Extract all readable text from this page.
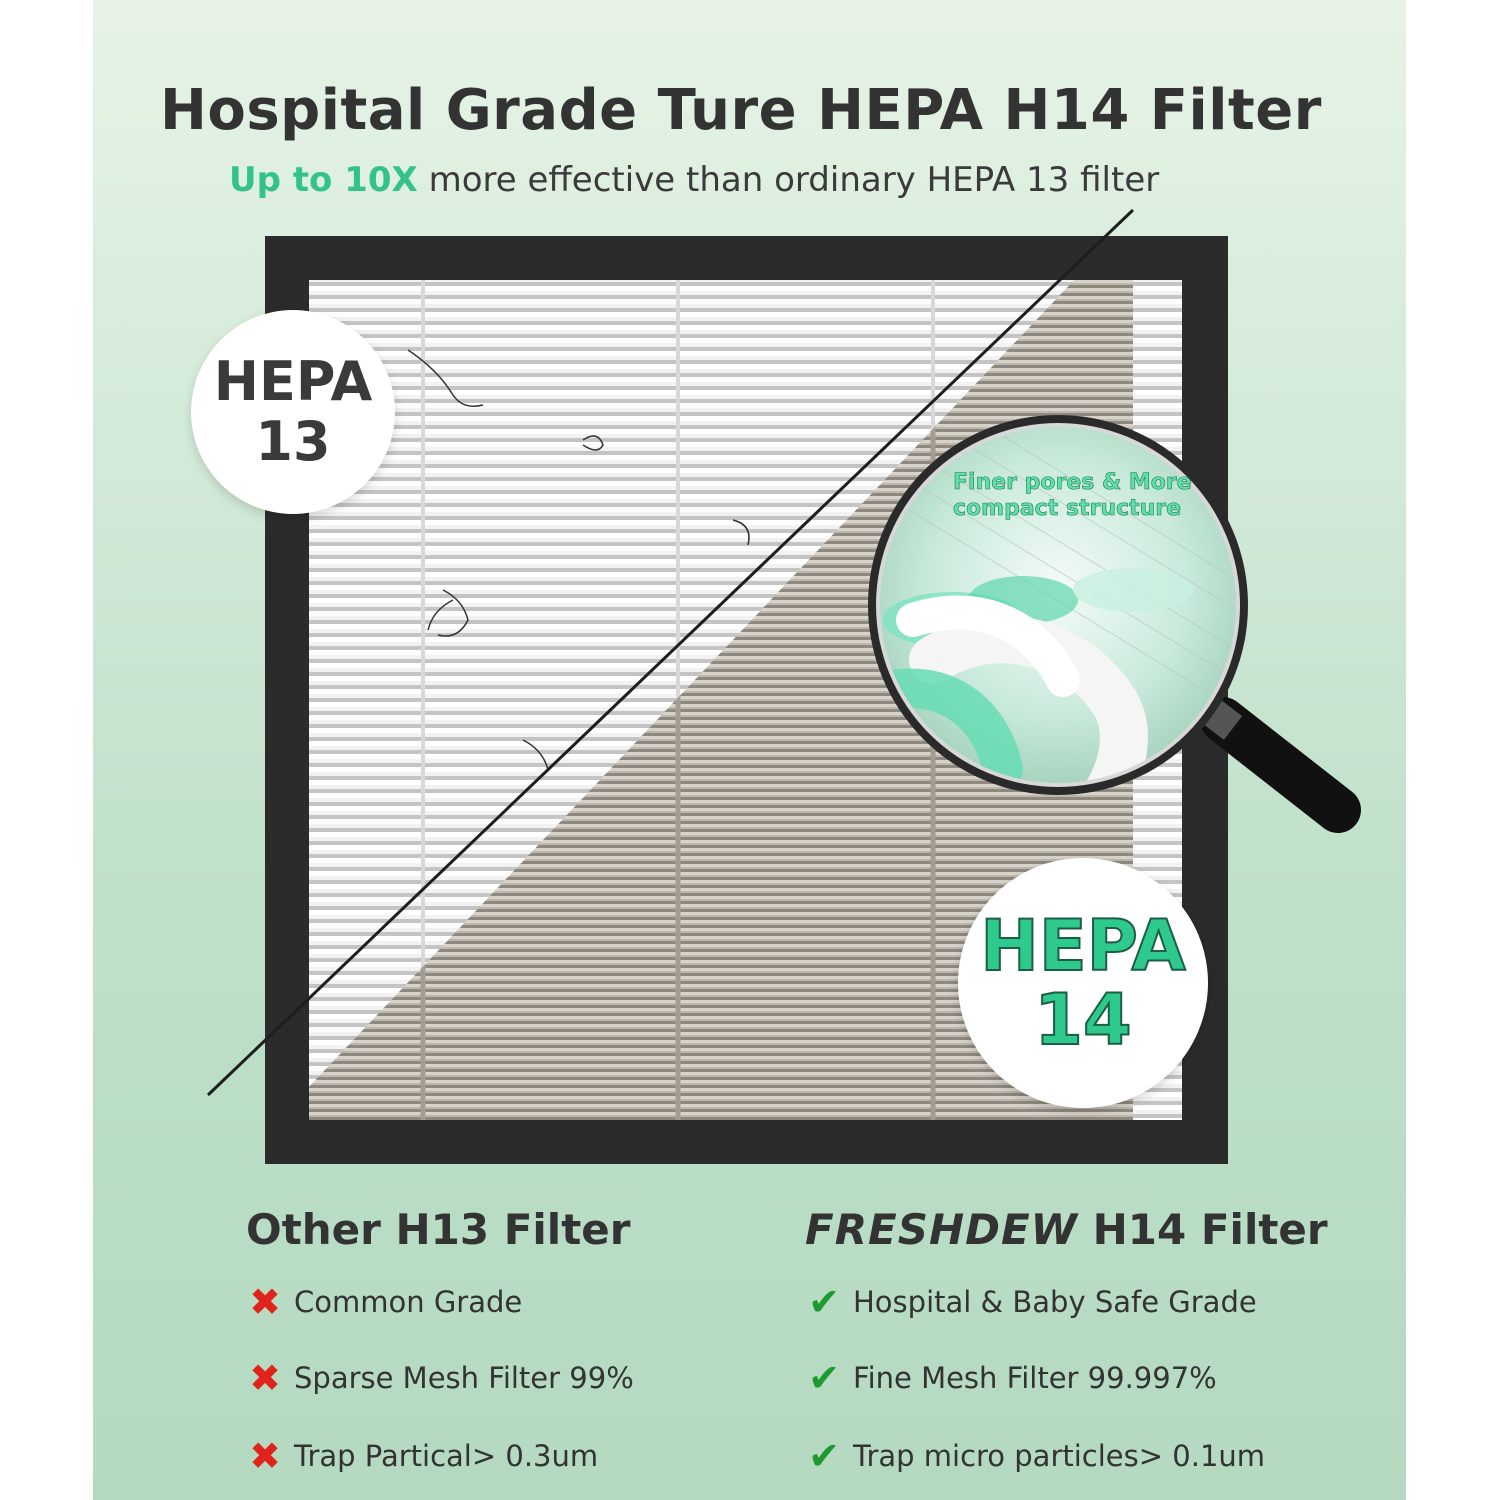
Hospital Grade Ture HEPA H14 Filter
Up to 10X more effective than ordinary HEPA 13 filter
Finer pores & More compact structure
HEPA
13
HEPA
14
Other H13 Filter
✖ Common Grade
✖ Sparse Mesh Filter 99%
✖ Trap Partical> 0.3um
FRESHDEW H14 Filter
✔ Hospital & Baby Safe Grade
✔ Fine Mesh Filter 99.997%
✔ Trap micro particles> 0.1um
